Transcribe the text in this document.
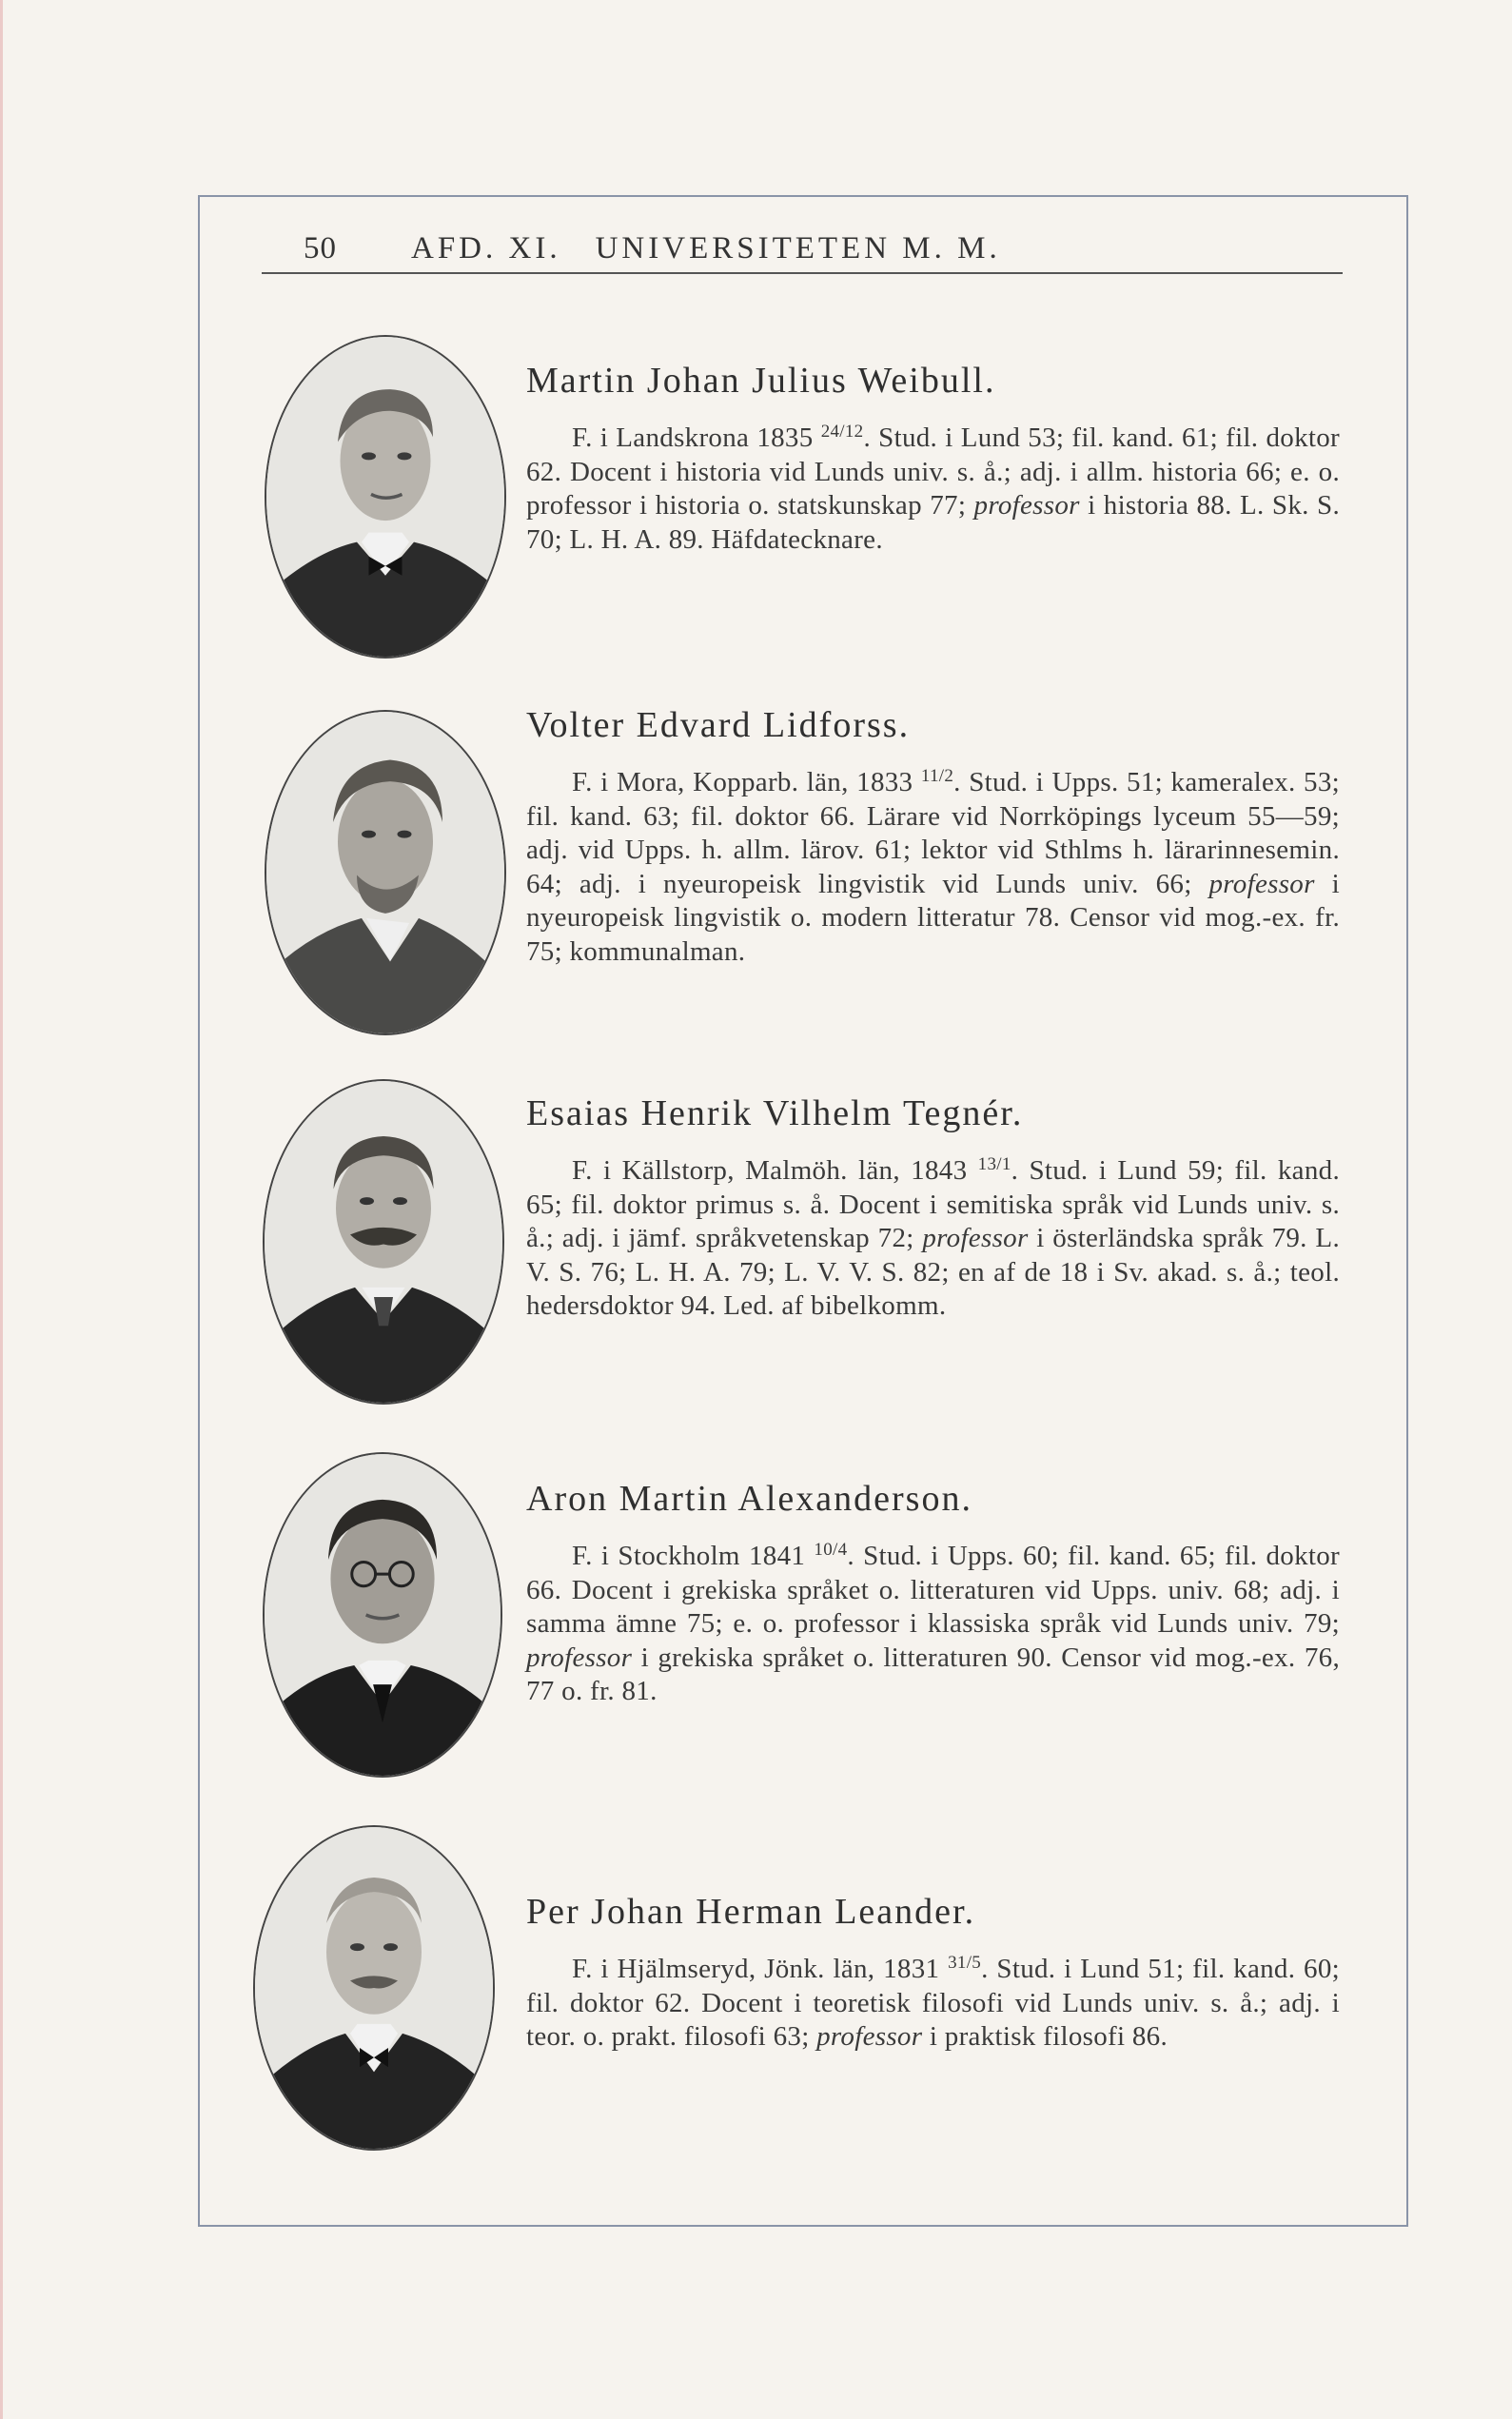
50 AFD. XI. UNIVERSITETEN M. M.
Martin Johan Julius Weibull.
F. i Landskrona 1835 $^{24/12}$. Stud. i Lund 53; fil. kand. 61; fil. doktor 62. Docent i historia vid Lunds univ. s. å.; adj. i allm. historia 66; e. o. professor i historia o. statskunskap 77; professor i historia 88. L. Sk. S. 70; L. H. A. 89. Häfdatecknare.
Volter Edvard Lidforss.
F. i Mora, Kopparb. län, 1833 $^{11/2}$. Stud. i Upps. 51; kameralex. 53; fil. kand. 63; fil. doktor 66. Lärare vid Norrköpings lyceum 55—59; adj. vid Upps. h. allm. lärov. 61; lektor vid Sthlms h. lärarinnesemin. 64; adj. i nyeuropeisk lingvistik vid Lunds univ. 66; professor i nyeuropeisk lingvistik o. modern litteratur 78. Censor vid mog.-ex. fr. 75; kommunalman.
Esaias Henrik Vilhelm Tegnér.
F. i Källstorp, Malmöh. län, 1843 $^{13/1}$. Stud. i Lund 59; fil. kand. 65; fil. doktor primus s. å. Docent i semitiska språk vid Lunds univ. s. å.; adj. i jämf. språkvetenskap 72; professor i österländska språk 79. L. V. S. 76; L. H. A. 79; L. V. V. S. 82; en af de 18 i Sv. akad. s. å.; teol. hedersdoktor 94. Led. af bibelkomm.
Aron Martin Alexanderson.
F. i Stockholm 1841 $^{10/4}$. Stud. i Upps. 60; fil. kand. 65; fil. doktor 66. Docent i grekiska språket o. litteraturen vid Upps. univ. 68; adj. i samma ämne 75; e. o. professor i klassiska språk vid Lunds univ. 79; professor i grekiska språket o. litteraturen 90. Censor vid mog.-ex. 76, 77 o. fr. 81.
Per Johan Herman Leander.
F. i Hjälmseryd, Jönk. län, 1831 $^{31/5}$. Stud. i Lund 51; fil. kand. 60; fil. doktor 62. Docent i teoretisk filosofi vid Lunds univ. s. å.; adj. i teor. o. prakt. filosofi 63; professor i praktisk filosofi 86.
